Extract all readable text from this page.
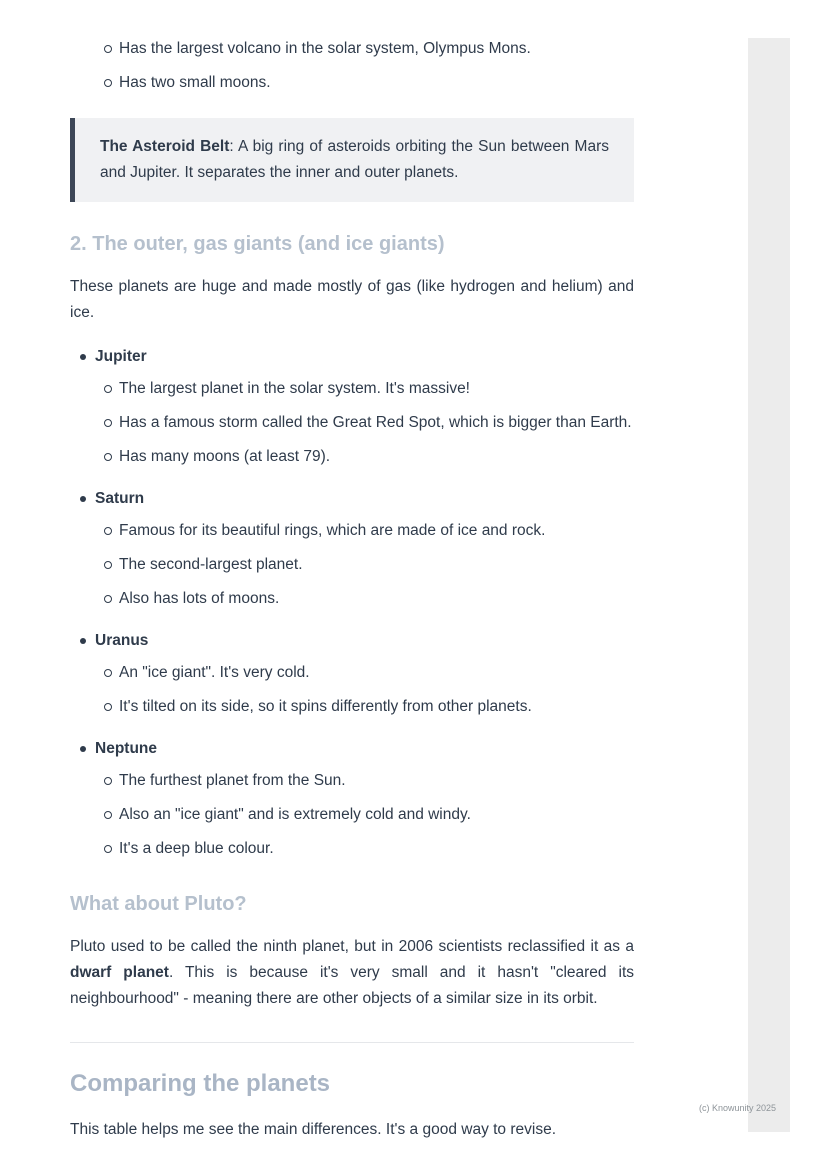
Has the largest volcano in the solar system, Olympus Mons.
Has two small moons.

The Asteroid Belt: A big ring of asteroids orbiting the Sun between Mars and Jupiter. It separates the inner and outer planets.

2. The outer, gas giants (and ice giants)

These planets are huge and made mostly of gas (like hydrogen and helium) and ice.

Jupiter
The largest planet in the solar system. It's massive!
Has a famous storm called the Great Red Spot, which is bigger than Earth.
Has many moons (at least 79).
Saturn
Famous for its beautiful rings, which are made of ice and rock.
The second-largest planet.
Also has lots of moons.
Uranus
An "ice giant". It's very cold.
It's tilted on its side, so it spins differently from other planets.
Neptune
The furthest planet from the Sun.
Also an "ice giant" and is extremely cold and windy.
It's a deep blue colour.
What about Pluto?

Pluto used to be called the ninth planet, but in 2006 scientists reclassified it as a dwarf planet. This is because it's very small and it hasn't "cleared its neighbourhood" - meaning there are other objects of a similar size in its orbit.

Comparing the planets

This table helps me see the main differences. It's a good way to revise.

(c) Knowunity 2025
